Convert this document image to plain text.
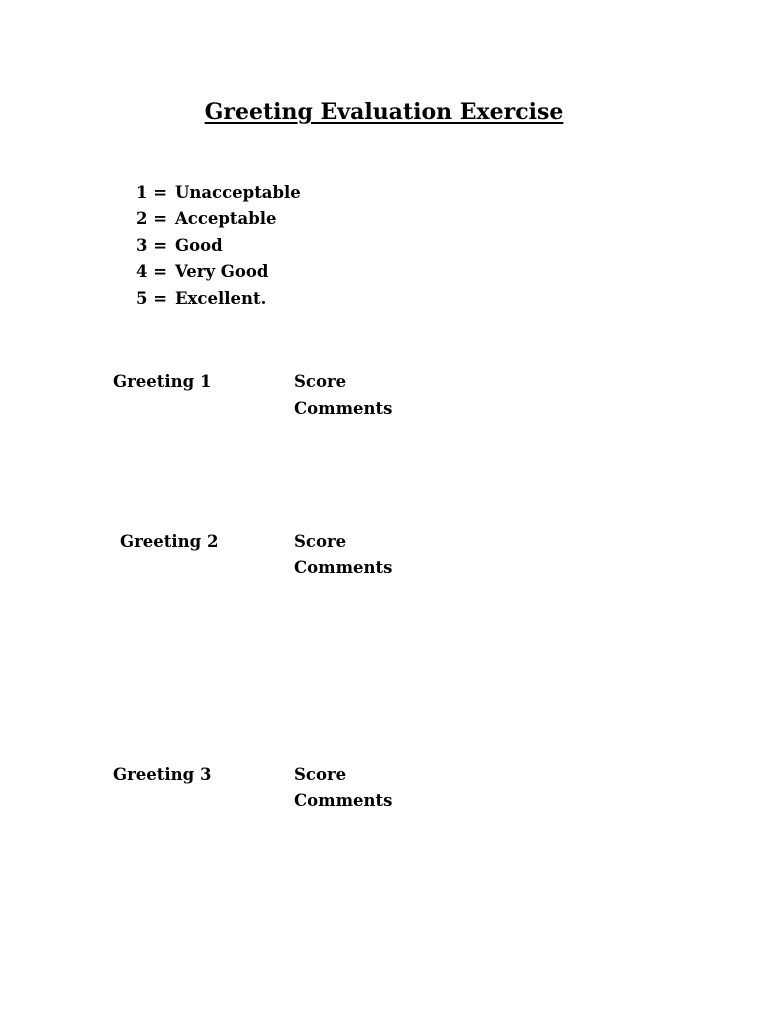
Greeting Evaluation Exercise

1 = Unacceptable

2 = Acceptable

3 = Good

4 = Very Good

5 = Excellent.

Greeting 1	Score
Comments
Greeting 2	Score
Comments
Greeting 3	Score
Comments
